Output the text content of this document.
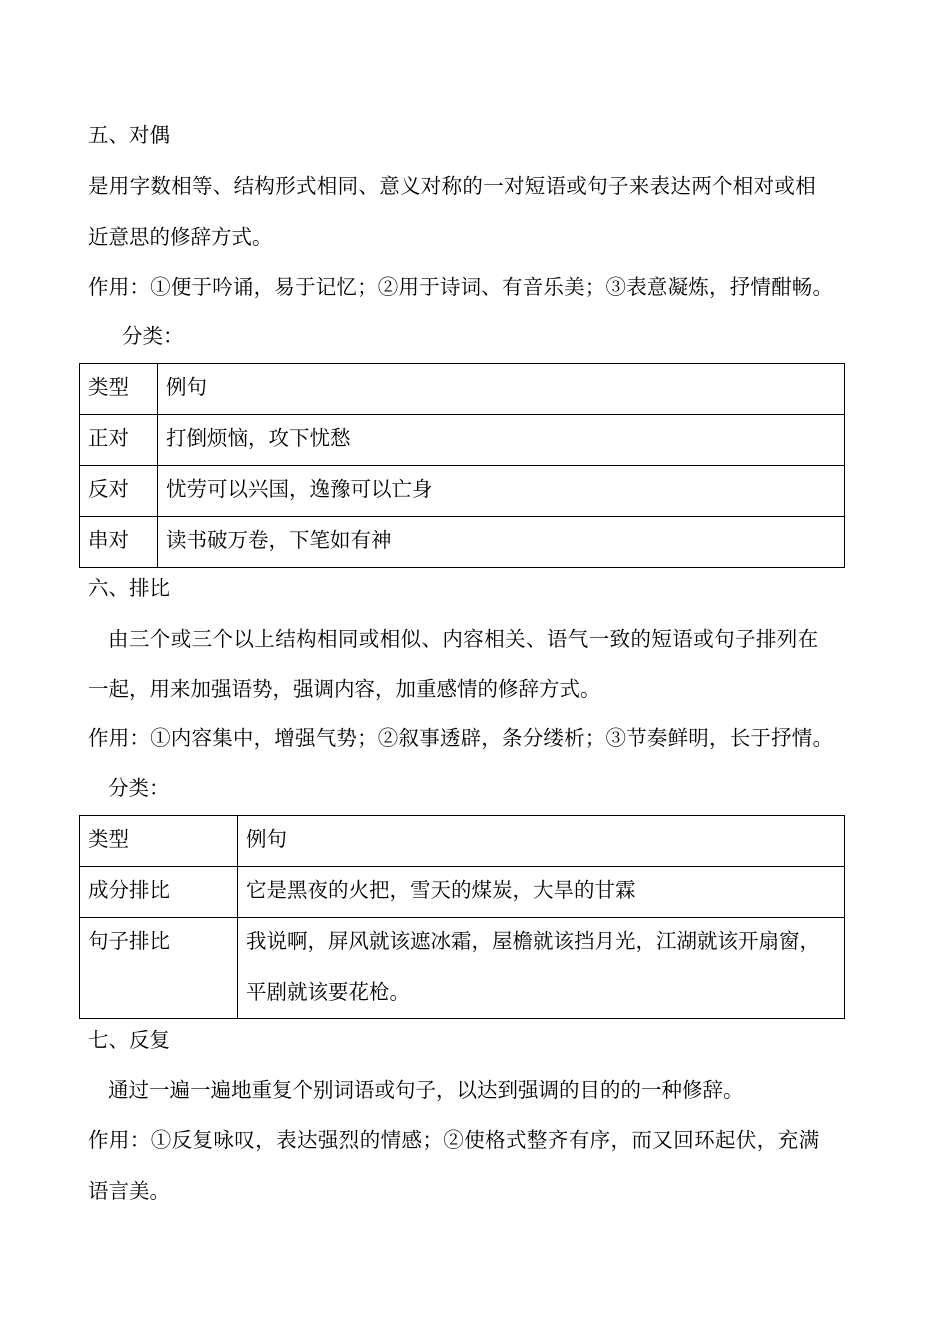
五、对偶
是用字数相等、结构形式相同、意义对称的一对短语或句子来表达两个相对或相
近意思的修辞方式。
作用：①便于吟诵，易于记忆；②用于诗词、有音乐美；③表意凝炼，抒情酣畅。
分类：
类型	例句

正对	打倒烦恼，攻下忧愁

反对	忧劳可以兴国，逸豫可以亡身

串对	读书破万卷，下笔如有神
六、排比
由三个或三个以上结构相同或相似、内容相关、语气一致的短语或句子排列在
一起，用来加强语势，强调内容，加重感情的修辞方式。
作用：①内容集中，增强气势；②叙事透辟，条分缕析；③节奏鲜明，长于抒情。
分类：
类型	例句

成分排比	它是黑夜的火把，雪天的煤炭，大旱的甘霖

句子排比	我说啊，屏风就该遮冰霜，屋檐就该挡月光，江湖就该开扇窗，平剧就该要花枪。
七、反复
通过一遍一遍地重复个别词语或句子，以达到强调的目的的一种修辞。
作用：①反复咏叹，表达强烈的情感；②使格式整齐有序，而又回环起伏，充满
语言美。
